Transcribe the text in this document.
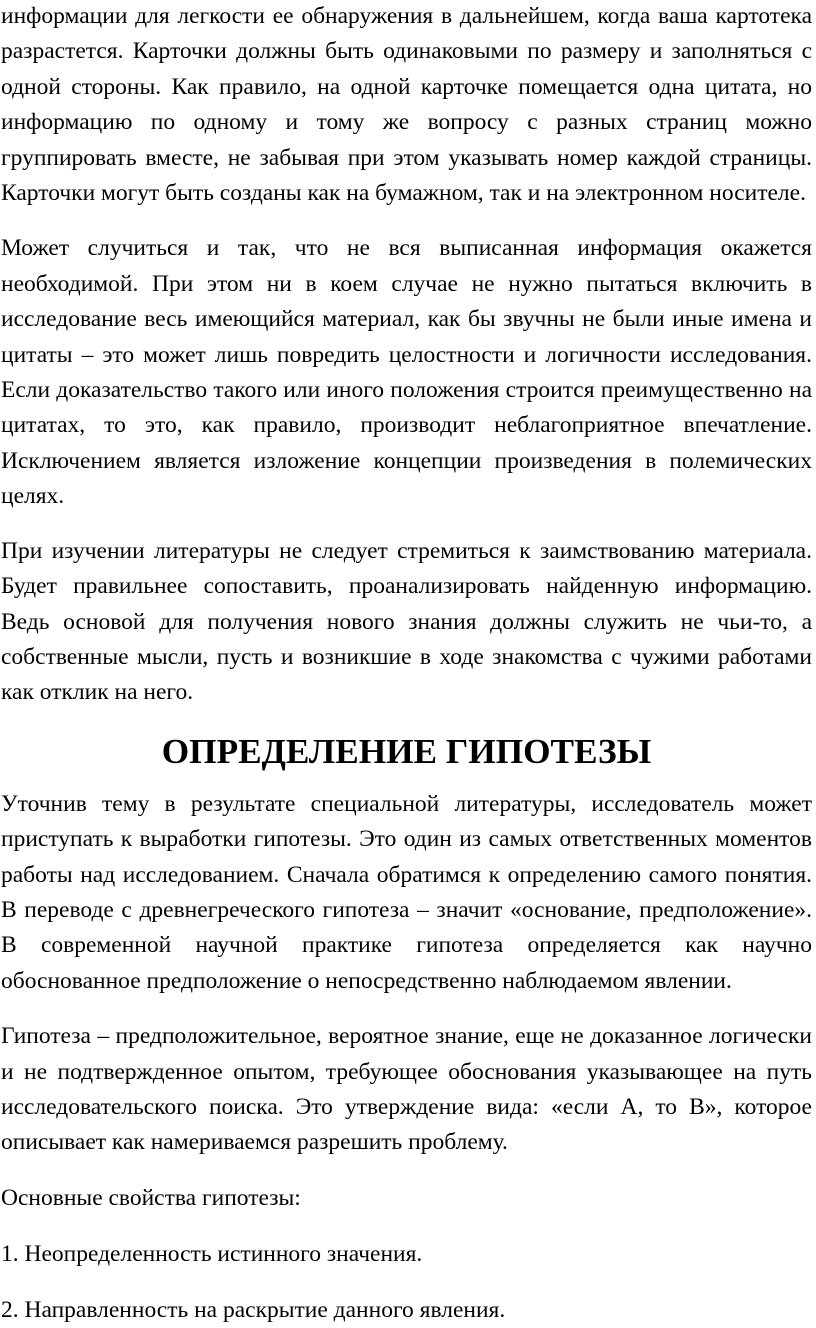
информации для легкости ее обнаружения в дальнейшем, когда ваша картотека разрастется. Карточки должны быть одинаковыми по размеру и заполняться с одной стороны. Как правило, на одной карточке помещается одна цитата, но информацию по одному и тому же вопросу с разных страниц можно группировать вместе, не забывая при этом указывать номер каждой страницы. Карточки могут быть созданы как на бумажном, так и на электронном носителе.

Может случиться и так, что не вся выписанная информация окажется необходимой. При этом ни в коем случае не нужно пытаться включить в исследование весь имеющийся материал, как бы звучны не были иные имена и цитаты – это может лишь повредить целостности и логичности исследования. Если доказательство такого или иного положения строится преимущественно на цитатах, то это, как правило, производит неблагоприятное впечатление. Исключением является изложение концепции произведения в полемических целях.

При изучении литературы не следует стремиться к заимствованию материала. Будет правильнее сопоставить, проанализировать найденную информацию. Ведь основой для получения нового знания должны служить не чьи-то, а собственные мысли, пусть и возникшие в ходе знакомства с чужими работами как отклик на него.

ОПРЕДЕЛЕНИЕ ГИПОТЕЗЫ

Уточнив тему в результате специальной литературы, исследователь может приступать к выработки гипотезы. Это один из самых ответственных моментов работы над исследованием. Сначала обратимся к определению самого понятия. В переводе с древнегреческого гипотеза – значит «основание, предположение». В современной научной практике гипотеза определяется как научно обоснованное предположение о непосредственно наблюдаемом явлении.

Гипотеза – предположительное, вероятное знание, еще не доказанное логически и не подтвержденное опытом, требующее обоснования указывающее на путь исследовательского поиска. Это утверждение вида: «если А, то В», которое описывает как намериваемся разрешить проблему.

Основные свойства гипотезы:

1. Неопределенность истинного значения.

2. Направленность на раскрытие данного явления.
